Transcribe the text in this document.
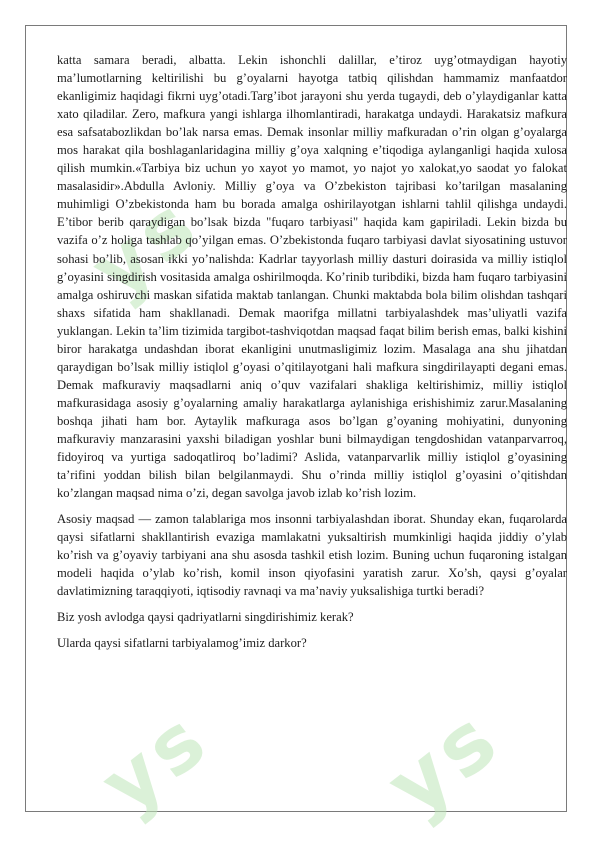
ys
ys ys

katta samara beradi, albatta. Lekin ishonchli dalillar, e’tiroz uyg’otmaydigan hayotiy ma’lumotlarning keltirilishi bu g’oyalarni hayotga tatbiq qilishdan hammamiz manfaatdor ekanligimiz haqidagi fikrni uyg’otadi.Targ’ibot jarayoni shu yerda tugaydi, deb o’ylaydiganlar katta xato qiladilar. Zero, mafkura yangi ishlarga ilhomlantiradi, harakatga undaydi. Harakatsiz mafkura esa safsatabozlikdan bo’lak narsa emas. Demak insonlar milliy mafkuradan o’rin olgan g’oyalarga mos harakat qila boshlaganlaridagina milliy g’oya xalqning e’tiqodiga aylanganligi haqida xulosa qilish mumkin.«Tarbiya biz uchun yo xayot yo mamot, yo najot yo xalokat,yo saodat yo falokat masalasidir».Abdulla Avloniy. Milliy g’oya va O’zbekiston tajribasi ko’tarilgan masalaning muhimligi O’zbekistonda ham bu borada amalga oshirilayotgan ishlarni tahlil qilishga undaydi. E’tibor berib qaraydigan bo’lsak bizda "fuqaro tarbiyasi" haqida kam gapiriladi. Lekin bizda bu vazifa o’z holiga tashlab qo’yilgan emas. O’zbekistonda fuqaro tarbiyasi davlat siyosatining ustuvor sohasi bo’lib, asosan ikki yo’nalishda: Kadrlar tayyorlash milliy dasturi doirasida va milliy istiqlol g’oyasini singdirish vositasida amalga oshirilmoqda. Ko’rinib turibdiki, bizda ham fuqaro tarbiyasini amalga oshiruvchi maskan sifatida maktab tanlangan. Chunki maktabda bola bilim olishdan tashqari shaxs sifatida ham shakllanadi. Demak maorifga millatni tarbiyalashdek mas’uliyatli vazifa yuklangan. Lekin ta’lim tizimida targibot-tashviqotdan maqsad faqat bilim berish emas, balki kishini biror harakatga undashdan iborat ekanligini unutmasligimiz lozim. Masalaga ana shu jihatdan qaraydigan bo’lsak milliy istiqlol g’oyasi o’qitilayotgani hali mafkura singdirilayapti degani emas. Demak mafkuraviy maqsadlarni aniq o’quv vazifalari shakliga keltirishimiz, milliy istiqlol mafkurasidaga asosiy g’oyalarning amaliy harakatlarga aylanishiga erishishimiz zarur.Masalaning boshqa jihati ham bor. Aytaylik mafkuraga asos bo’lgan g’oyaning mohiyatini, dunyoning mafkuraviy manzarasini yaxshi biladigan yoshlar buni bilmaydigan tengdoshidan vatanparvarroq, fidoyiroq va yurtiga sadoqatliroq bo’ladimi? Aslida, vatanparvarlik milliy istiqlol g’oyasining ta’rifini yoddan bilish bilan belgilanmaydi. Shu o’rinda milliy istiqlol g’oyasini o’qitishdan ko’zlangan maqsad nima o’zi, degan savolga javob izlab ko’rish lozim.

Asosiy maqsad — zamon talablariga mos insonni tarbiyalashdan iborat. Shunday ekan, fuqarolarda qaysi sifatlarni shakllantirish evaziga mamlakatni yuksaltirish mumkinligi haqida jiddiy o’ylab ko’rish va g’oyaviy tarbiyani ana shu asosda tashkil etish lozim. Buning uchun fuqaroning istalgan modeli haqida o’ylab ko’rish, komil inson qiyofasini yaratish zarur. Xo’sh, qaysi g’oyalar davlatimizning taraqqiyoti, iqtisodiy ravnaqi va ma’naviy yuksalishiga turtki beradi?

Biz yosh avlodga qaysi qadriyatlarni singdirishimiz kerak?

Ularda qaysi sifatlarni tarbiyalamog’imiz darkor?
